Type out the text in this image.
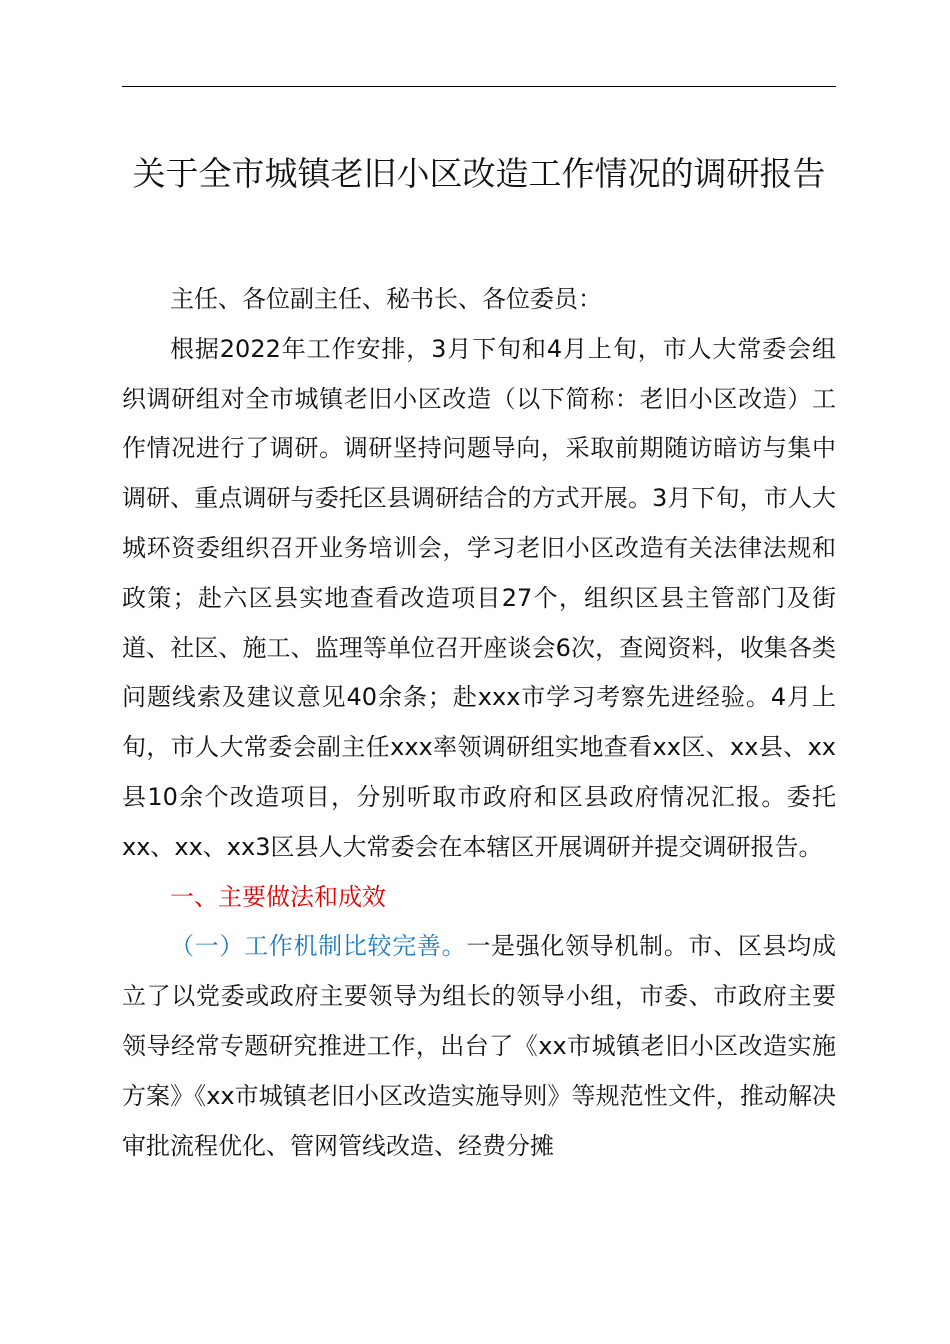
关于全市城镇老旧小区改造工作情况的调研报告

主任、各位副主任、秘书长、各位委员：

根据2022年工作安排，3月下旬和4月上旬，市人大常委会组织调研组对全市城镇老旧小区改造（以下简称：老旧小区改造）工作情况进行了调研。调研坚持问题导向，采取前期随访暗访与集中调研、重点调研与委托区县调研结合的方式开展。3月下旬，市人大城环资委组织召开业务培训会，学习老旧小区改造有关法律法规和政策；赴六区县实地查看改造项目27个，组织区县主管部门及街道、社区、施工、监理等单位召开座谈会6次，查阅资料，收集各类问题线索及建议意见40余条；赴xxx市学习考察先进经验。4月上旬，市人大常委会副主任xxx率领调研组实地查看xx区、xx县、xx县10余个改造项目，分别听取市政府和区县政府情况汇报。委托xx、xx、xx3区县人大常委会在本辖区开展调研并提交调研报告。

一、主要做法和成效

（一）工作机制比较完善。一是强化领导机制。市、区县均成立了以党委或政府主要领导为组长的领导小组，市委、市政府主要领导经常专题研究推进工作，出台了《xx市城镇老旧小区改造实施方案》《xx市城镇老旧小区改造实施导则》等规范性文件，推动解决审批流程优化、管网管线改造、经费分摊
